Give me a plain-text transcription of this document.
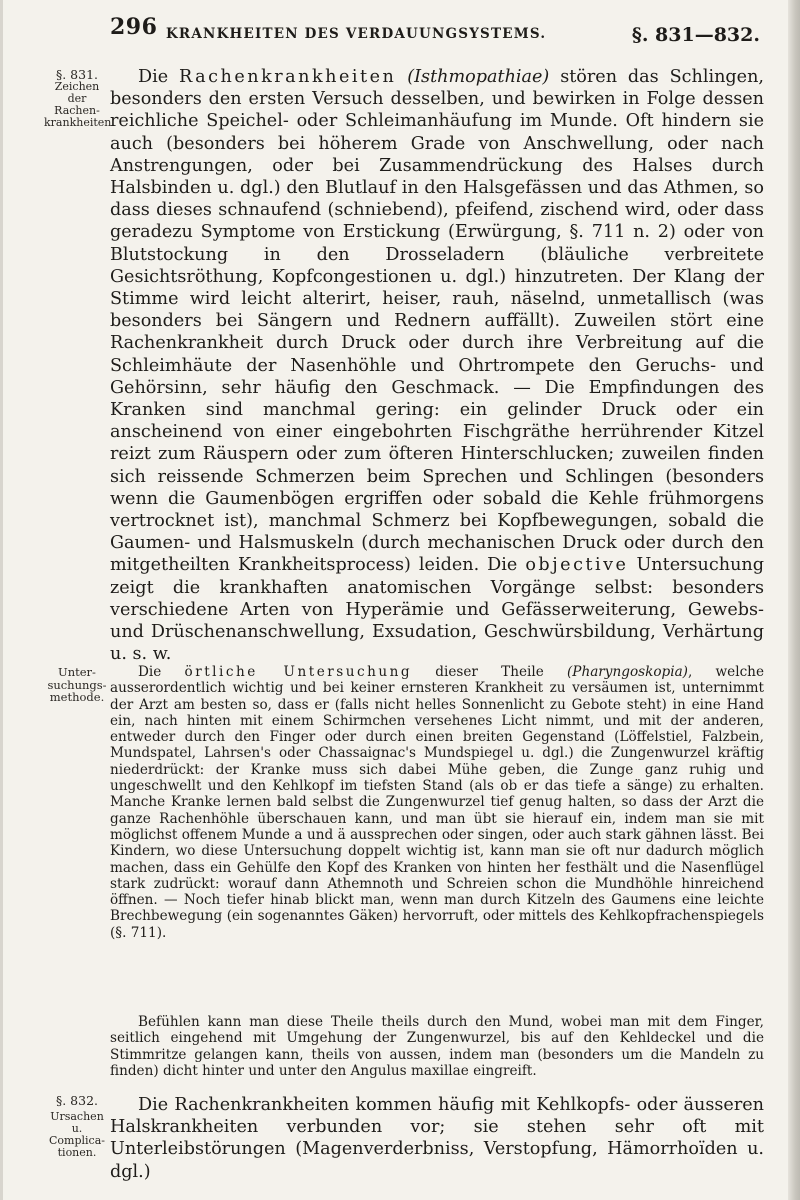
296 KRANKHEITEN DES VERDAUUNGSYSTEMS.	§. 831—832.
§. 831.
Zeichen der Rachen-krankheiten.
Unter-suchungs-methode.
§. 832.
Ursachen u. Complica-tionen.

Die Rachenkrankheiten (Isthmopathiae) stören das Schlingen, besonders den ersten Versuch desselben, und bewirken in Folge dessen reichliche Speichel- oder Schleimanhäufung im Munde. Oft hindern sie auch (besonders bei höherem Grade von Anschwellung, oder nach Anstrengungen, oder bei Zusammendrückung des Halses durch Halsbinden u. dgl.) den Blutlauf in den Halsgefässen und das Athmen, so dass dieses schnaufend (schniebend), pfeifend, zischend wird, oder dass geradezu Symptome von Erstickung (Erwürgung, §. 711 n. 2) oder von Blutstockung in den Drosseladern (bläuliche verbreitete Gesichtsröthung, Kopfcongestionen u. dgl.) hinzutreten. Der Klang der Stimme wird leicht alterirt, heiser, rauh, näselnd, unmetallisch (was besonders bei Sängern und Rednern auffällt). Zuweilen stört eine Rachenkrankheit durch Druck oder durch ihre Verbreitung auf die Schleimhäute der Nasenhöhle und Ohrtrompete den Geruchs- und Gehörsinn, sehr häufig den Geschmack. — Die Empfindungen des Kranken sind manchmal gering: ein gelinder Druck oder ein anscheinend von einer eingebohrten Fischgräthe herrührender Kitzel reizt zum Räuspern oder zum öfteren Hinterschlucken; zuweilen finden sich reissende Schmerzen beim Sprechen und Schlingen (besonders wenn die Gaumenbögen ergriffen oder sobald die Kehle frühmorgens vertrocknet ist), manchmal Schmerz bei Kopfbewegungen, sobald die Gaumen- und Halsmuskeln (durch mechanischen Druck oder durch den mitgetheilten Krankheitsprocess) leiden. Die objective Untersuchung zeigt die krankhaften anatomischen Vorgänge selbst: besonders verschiedene Arten von Hyperämie und Gefässerweiterung, Gewebs- und Drüschenanschwellung, Exsudation, Geschwürsbildung, Verhärtung u. s. w.

Die örtliche Untersuchung dieser Theile (Pharyngoskopia), welche ausserordentlich wichtig und bei keiner ernsteren Krankheit zu versäumen ist, unternimmt der Arzt am besten so, dass er (falls nicht helles Sonnenlicht zu Gebote steht) in eine Hand ein, nach hinten mit einem Schirmchen versehenes Licht nimmt, und mit der anderen, entweder durch den Finger oder durch einen breiten Gegenstand (Löffelstiel, Falzbein, Mundspatel, Lahrsen's oder Chassaignac's Mundspiegel u. dgl.) die Zungenwurzel kräftig niederdrückt: der Kranke muss sich dabei Mühe geben, die Zunge ganz ruhig und ungeschwellt und den Kehlkopf im tiefsten Stand (als ob er das tiefe a sänge) zu erhalten. Manche Kranke lernen bald selbst die Zungenwurzel tief genug halten, so dass der Arzt die ganze Rachenhöhle überschauen kann, und man übt sie hierauf ein, indem man sie mit möglichst offenem Munde a und ä aussprechen oder singen, oder auch stark gähnen lässt. Bei Kindern, wo diese Untersuchung doppelt wichtig ist, kann man sie oft nur dadurch möglich machen, dass ein Gehülfe den Kopf des Kranken von hinten her festhält und die Nasenflügel stark zudrückt: worauf dann Athemnoth und Schreien schon die Mundhöhle hinreichend öffnen. — Noch tiefer hinab blickt man, wenn man durch Kitzeln des Gaumens eine leichte Brechbewegung (ein sogenanntes Gäken) hervorruft, oder mittels des Kehlkopfrachenspiegels (§. 711).

Befühlen kann man diese Theile theils durch den Mund, wobei man mit dem Finger, seitlich eingehend mit Umgehung der Zungenwurzel, bis auf den Kehldeckel und die Stimmritze gelangen kann, theils von aussen, indem man (besonders um die Mandeln zu finden) dicht hinter und unter den Angulus maxillae eingreift.

Die Rachenkrankheiten kommen häufig mit Kehlkopfs- oder äusseren Halskrankheiten verbunden vor; sie stehen sehr oft mit Unterleibstörungen (Magenverderbniss, Verstopfung, Hämorrhoïden u. dgl.)
